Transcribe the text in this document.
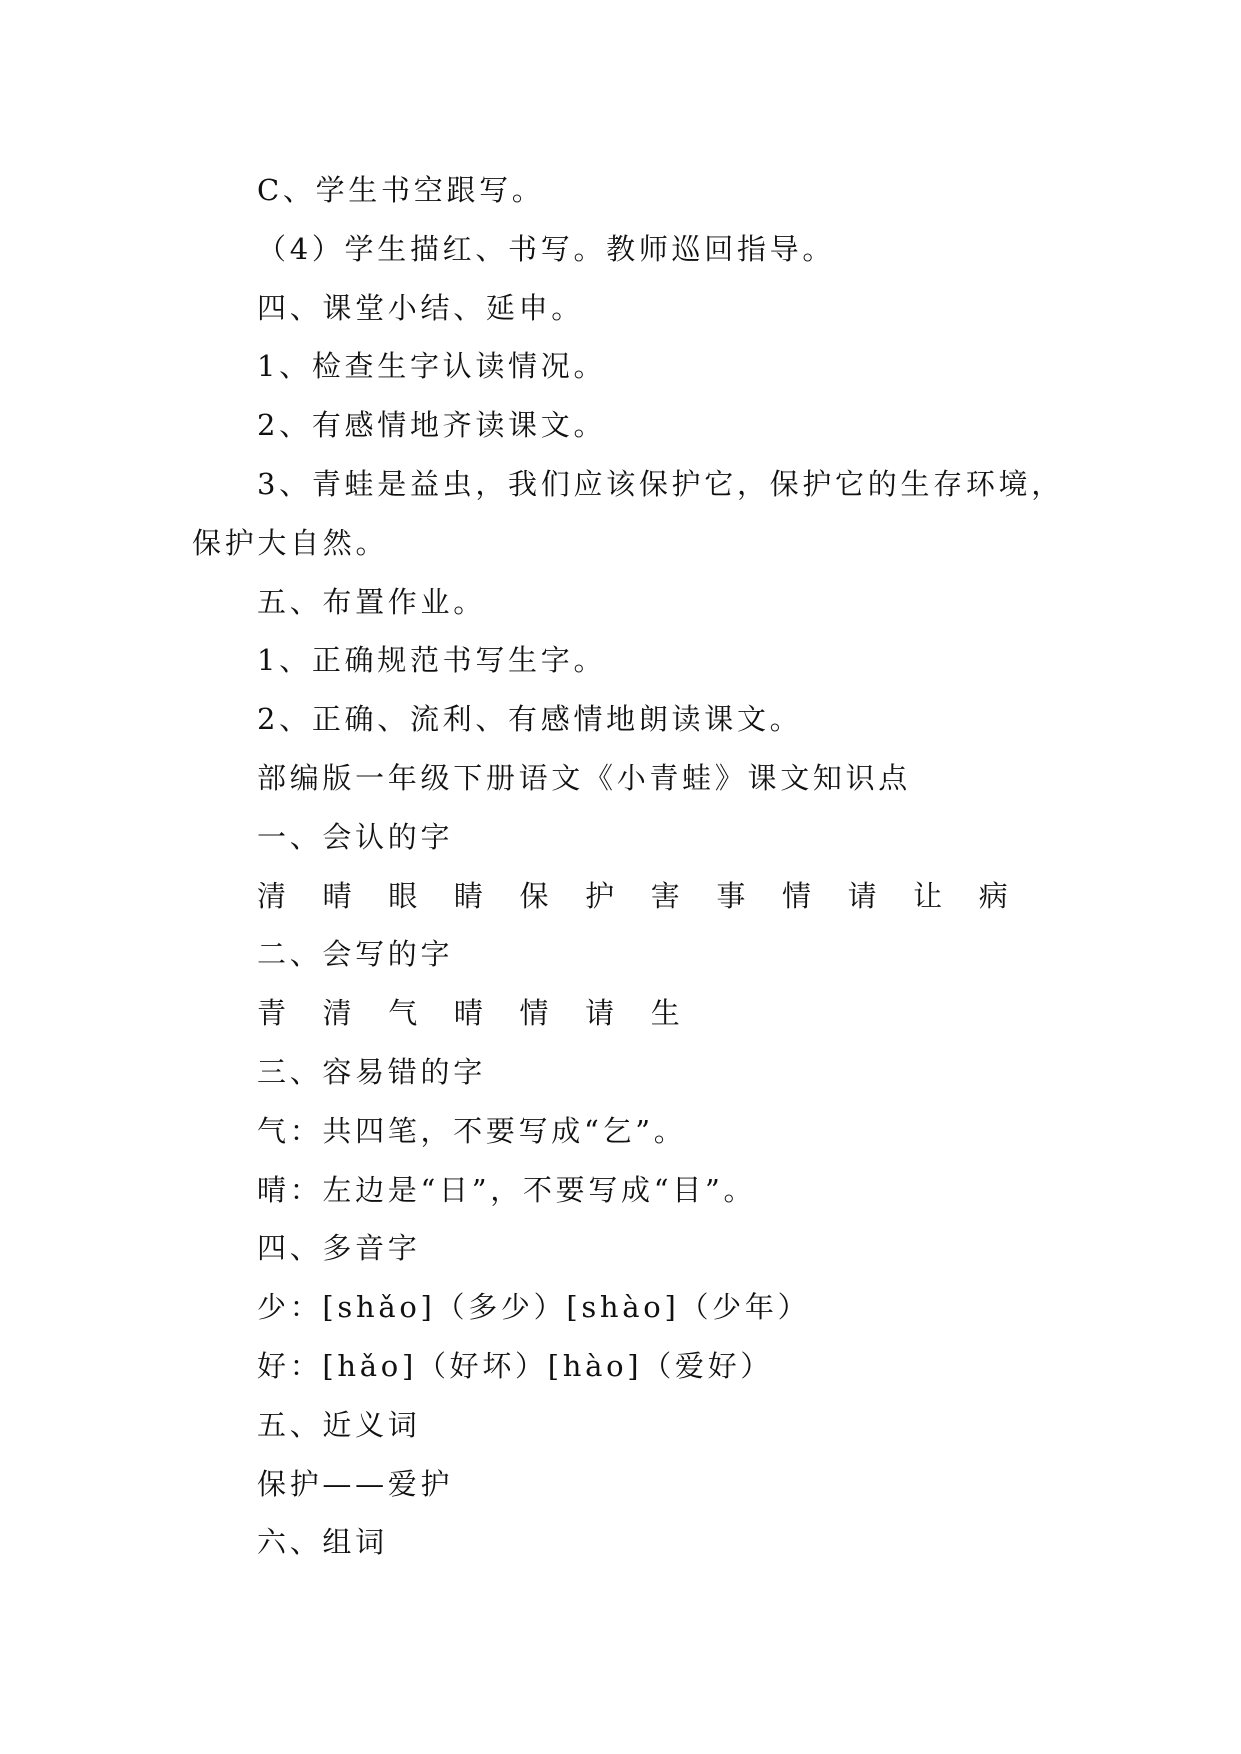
C、学生书空跟写。

（4）学生描红、书写。教师巡回指导。

四、课堂小结、延申。

1、检查生字认读情况。

2、有感情地齐读课文。

3、青蛙是益虫，我们应该保护它，保护它的生存环境，保护大自然。

五、布置作业。

1、正确规范书写生字。

2、正确、流利、有感情地朗读课文。

部编版一年级下册语文《小青蛙》课文知识点

一、会认的字

清 晴 眼 睛 保 护 害 事 情 请 让 病

二、会写的字

青 清 气 晴 情 请 生

三、容易错的字

气：共四笔，不要写成“乞”。

晴：左边是“日”，不要写成“目”。

四、多音字

少：[shǎo]（多少）[shào]（少年）

好：[hǎo]（好坏）[hào]（爱好）

五、近义词

保护——爱护

六、组词
